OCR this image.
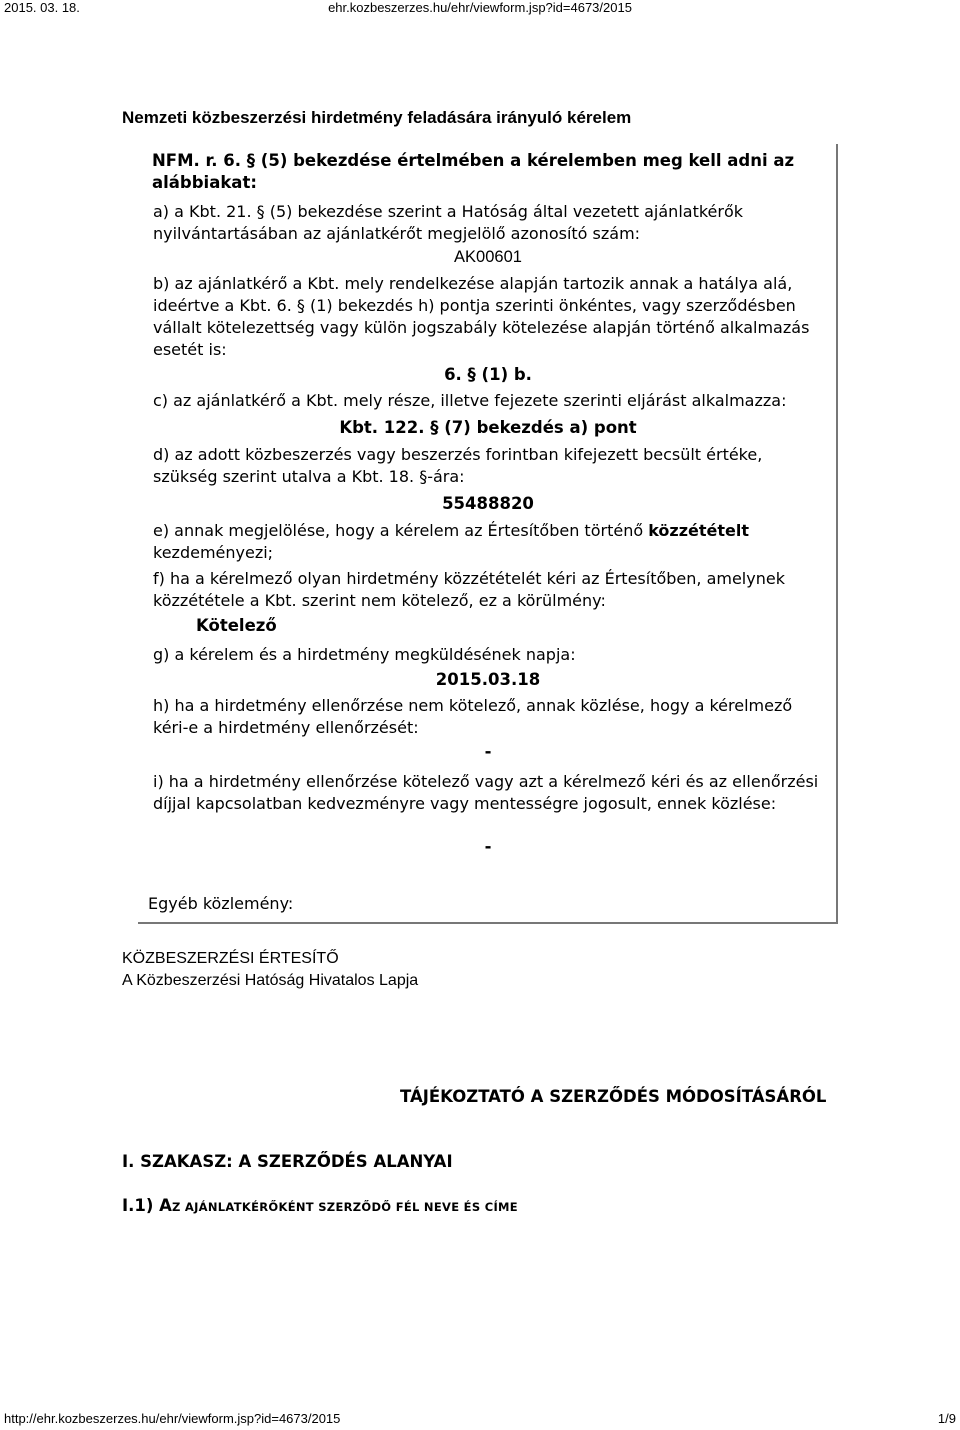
2015. 03. 18.	ehr.kozbeszerzes.hu/ehr/viewform.jsp?id=4673/2015
Nemzeti közbeszerzési hirdetmény feladására irányuló kérelem
NFM. r. 6. § (5) bekezdése értelmében a kérelemben meg kell adni az alábbiakat:
a) a Kbt. 21. § (5) bekezdése szerint a Hatóság által vezetett ajánlatkérők nyilvántartásában az ajánlatkérőt megjelölő azonosító szám:
AK00601
b) az ajánlatkérő a Kbt. mely rendelkezése alapján tartozik annak a hatálya alá, ideértve a Kbt. 6. § (1) bekezdés h) pontja szerinti önkéntes, vagy szerződésben vállalt kötelezettség vagy külön jogszabály kötelezése alapján történő alkalmazás esetét is:
6. § (1) b.
c) az ajánlatkérő a Kbt. mely része, illetve fejezete szerinti eljárást alkalmazza:
Kbt. 122. § (7) bekezdés a) pont
d) az adott közbeszerzés vagy beszerzés forintban kifejezett becsült értéke, szükség szerint utalva a Kbt. 18. §-ára:
55488820
e) annak megjelölése, hogy a kérelem az Értesítőben történő közzétételt kezdeményezi;
f) ha a kérelmező olyan hirdetmény közzétételét kéri az Értesítőben, amelynek közzététele a Kbt. szerint nem kötelező, ez a körülmény:
Kötelező
g) a kérelem és a hirdetmény megküldésének napja:
2015.03.18
h) ha a hirdetmény ellenőrzése nem kötelező, annak közlése, hogy a kérelmező kéri-e a hirdetmény ellenőrzését:
-
i) ha a hirdetmény ellenőrzése kötelező vagy azt a kérelmező kéri és az ellenőrzési díjjal kapcsolatban kedvezményre vagy mentességre jogosult, ennek közlése:
-
Egyéb közlemény:
KÖZBESZERZÉSI ÉRTESÍTŐ
A Közbeszerzési Hatóság Hivatalos Lapja
TÁJÉKOZTATÓ A SZERZŐDÉS MÓDOSÍTÁSÁRÓL
I. SZAKASZ: A SZERZŐDÉS ALANYAI
I.1) AZ AJÁNLATKÉRŐKÉNT SZERZŐDŐ FÉL NEVE ÉS CÍME
http://ehr.kozbeszerzes.hu/ehr/viewform.jsp?id=4673/2015	1/9
